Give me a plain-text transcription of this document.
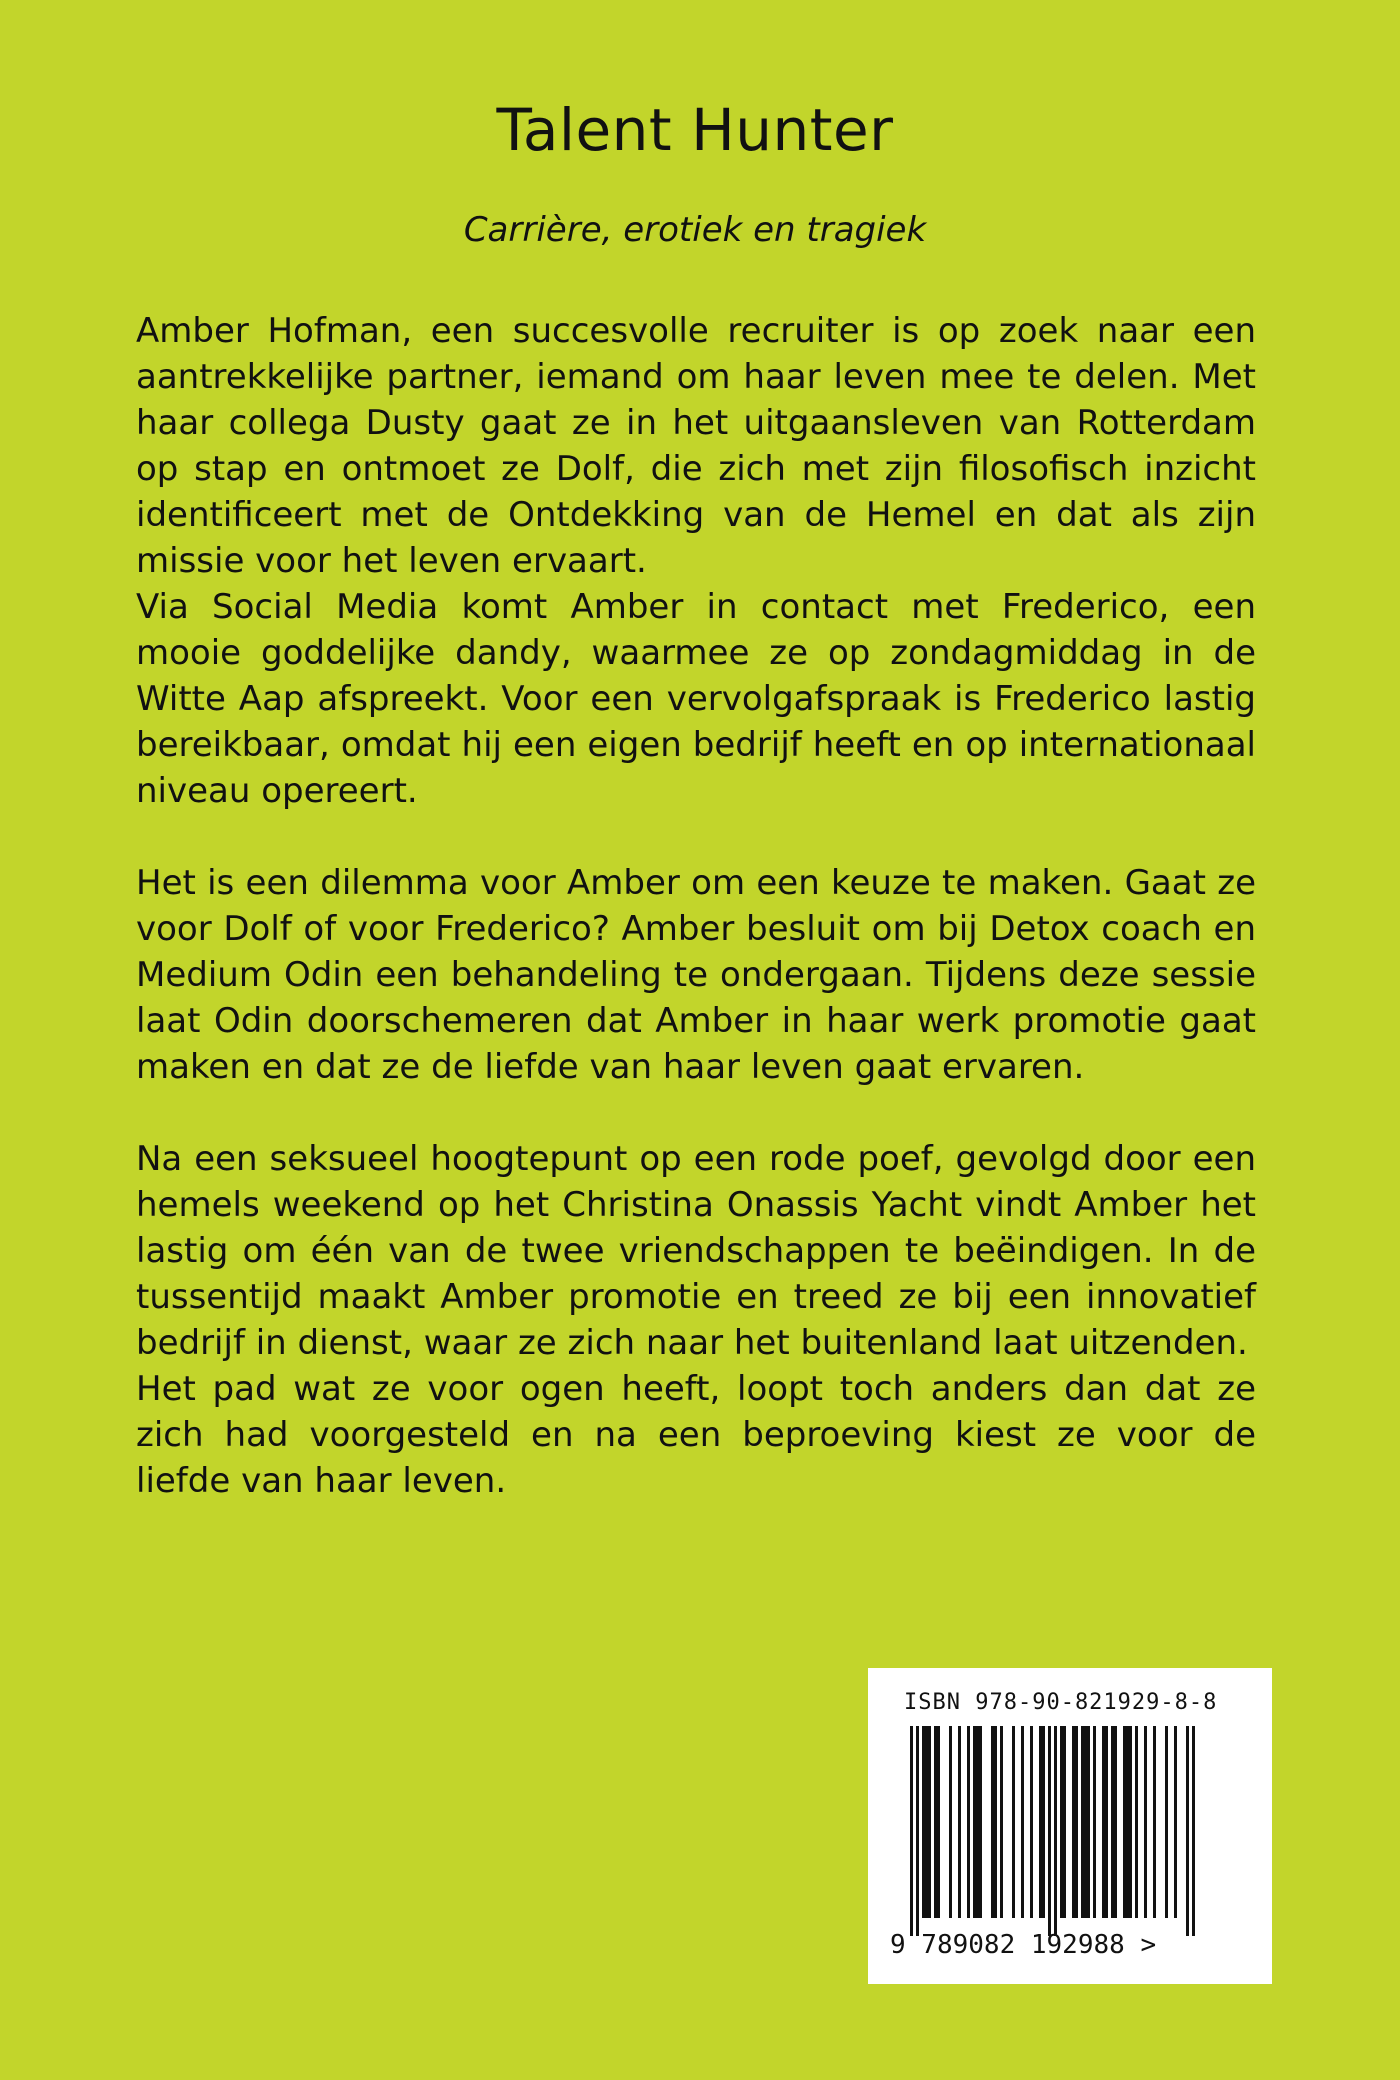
Talent Hunter

Carrière, erotiek en tragiek

Amber Hofman, een succesvolle recruiter is op zoek naar een aantrekkelijke partner, iemand om haar leven mee te delen. Met haar collega Dusty gaat ze in het uitgaansleven van Rotterdam op stap en ontmoet ze Dolf, die zich met zijn filosofisch inzicht identificeert met de Ontdekking van de Hemel en dat als zijn missie voor het leven ervaart.

Via Social Media komt Amber in contact met Frederico, een mooie goddelijke dandy, waarmee ze op zondagmiddag in de Witte Aap afspreekt. Voor een vervolgafspraak is Frederico lastig bereikbaar, omdat hij een eigen bedrijf heeft en op internationaal niveau opereert.

Het is een dilemma voor Amber om een keuze te maken. Gaat ze voor Dolf of voor Frederico? Amber besluit om bij Detox coach en Medium Odin een behandeling te ondergaan. Tijdens deze sessie laat Odin doorschemeren dat Amber in haar werk promotie gaat maken en dat ze de liefde van haar leven gaat ervaren.

Na een seksueel hoogtepunt op een rode poef, gevolgd door een hemels weekend op het Christina Onassis Yacht vindt Amber het lastig om één van de twee vriendschappen te beëindigen. In de tussentijd maakt Amber promotie en treed ze bij een innovatief bedrijf in dienst, waar ze zich naar het buitenland laat uitzenden.

Het pad wat ze voor ogen heeft, loopt toch anders dan dat ze zich had voorgesteld en na een beproeving kiest ze voor de liefde van haar leven.

ISBN 978-90-821929-8-8
9 789082 192988 >
